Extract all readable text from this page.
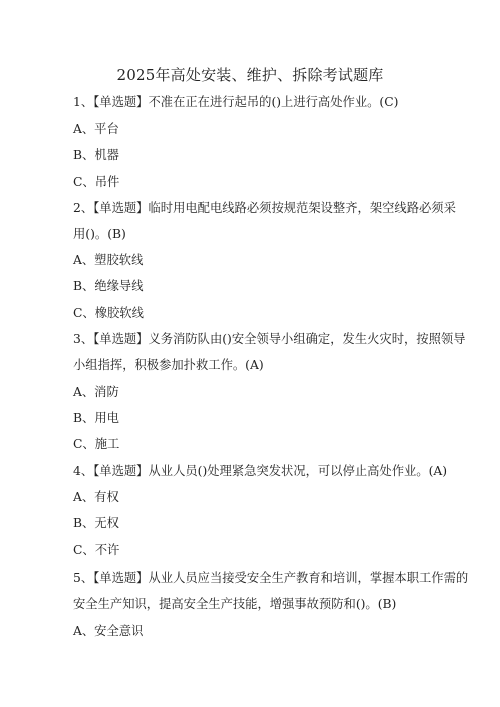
2025年高处安装、维护、拆除考试题库
1、【单选题】不准在正在进行起吊的()上进行高处作业。(C)
A、平台
B、机器
C、吊件
2、【单选题】临时用电配电线路必须按规范架设整齐，架空线路必须采
用()。(B)
A、塑胶软线
B、绝缘导线
C、橡胶软线
3、【单选题】义务消防队由()安全领导小组确定，发生火灾时，按照领导
小组指挥，积极参加扑救工作。(A)
A、消防
B、用电
C、施工
4、【单选题】从业人员()处理紧急突发状况，可以停止高处作业。(A)
A、有权
B、无权
C、不许
5、【单选题】从业人员应当接受安全生产教育和培训，掌握本职工作需的
安全生产知识，提高安全生产技能，增强事故预防和()。(B)
A、安全意识
